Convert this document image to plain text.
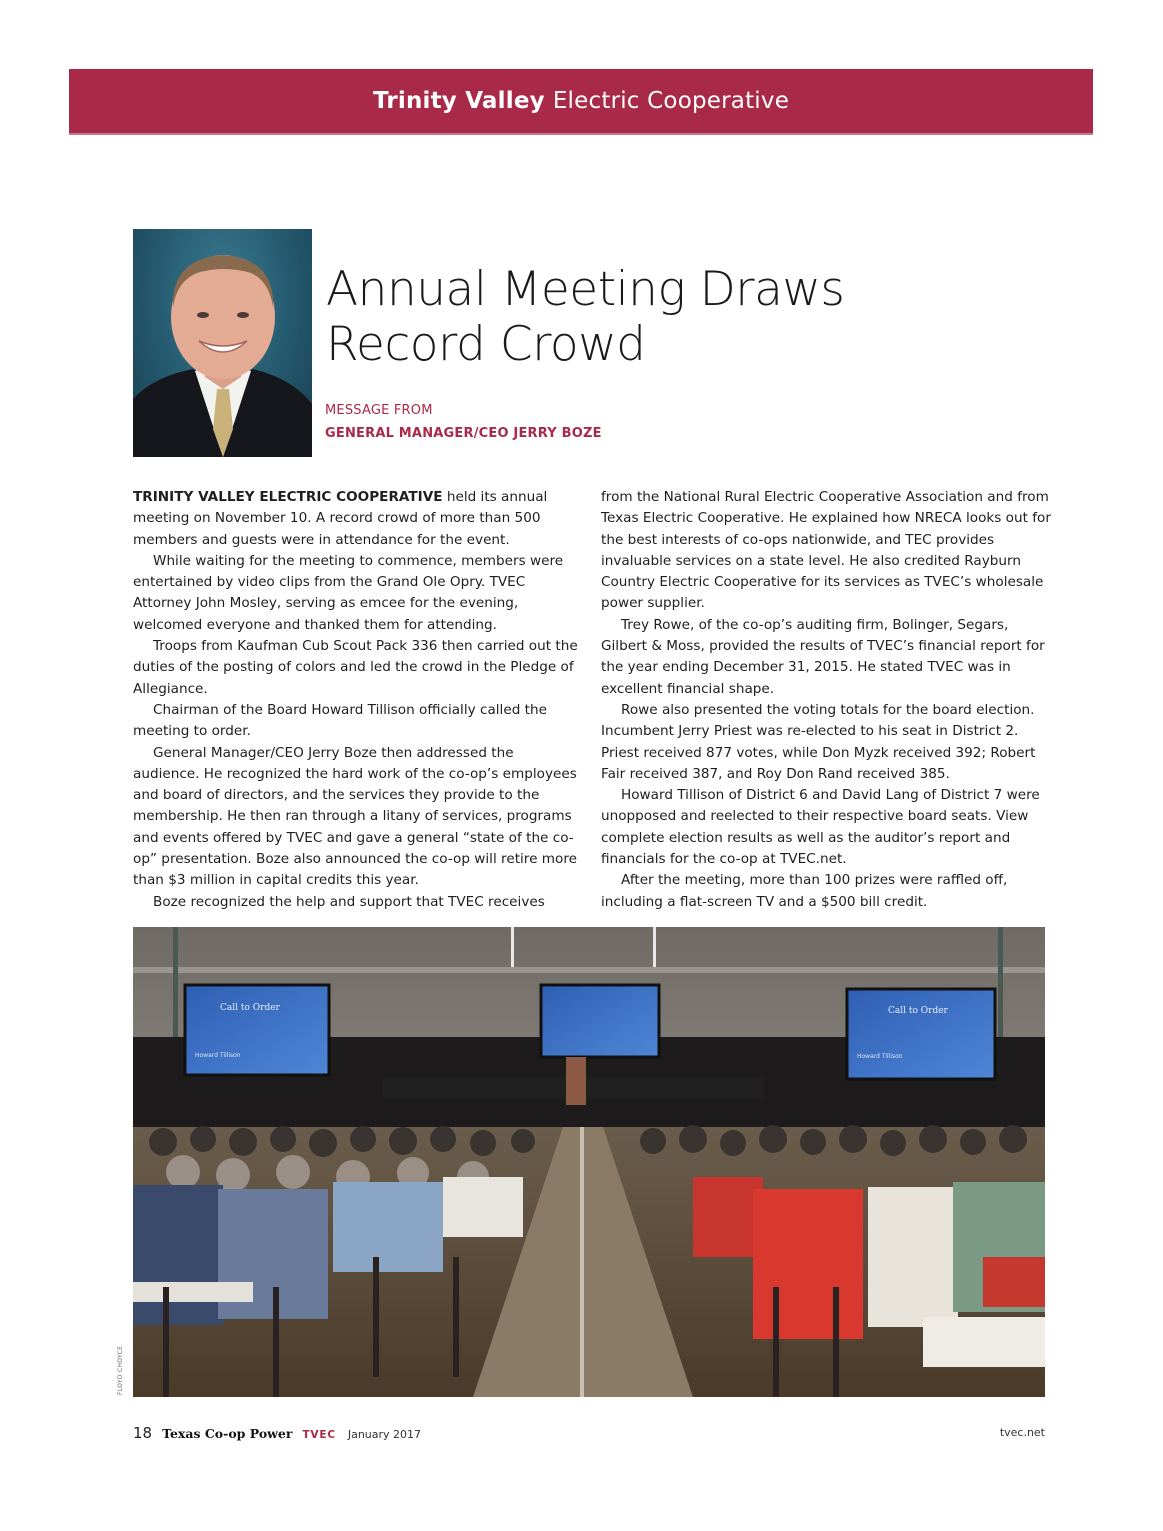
Trinity Valley Electric Cooperative
Annual Meeting Draws
Record Crowd
MESSAGE FROM
GENERAL MANAGER/CEO JERRY BOZE

TRINITY VALLEY ELECTRIC COOPERATIVE held its annual meeting on November 10. A record crowd of more than 500 members and guests were in attendance for the event.

While waiting for the meeting to commence, members were entertained by video clips from the Grand Ole Opry. TVEC Attorney John Mosley, serving as emcee for the evening, welcomed everyone and thanked them for attending.

Troops from Kaufman Cub Scout Pack 336 then carried out the duties of the posting of colors and led the crowd in the Pledge of Allegiance.

Chairman of the Board Howard Tillison officially called the meeting to order.

General Manager/CEO Jerry Boze then addressed the audience. He recognized the hard work of the co-op’s employees and board of directors, and the services they provide to the membership. He then ran through a litany of services, programs and events offered by TVEC and gave a general “state of the co-op” presentation. Boze also announced the co-op will retire more than $3 million in capital credits this year.

Boze recognized the help and support that TVEC receives

from the National Rural Electric Cooperative Association and from Texas Electric Cooperative. He explained how NRECA looks out for the best interests of co-ops nationwide, and TEC provides invaluable services on a state level. He also credited Rayburn Country Electric Cooperative for its services as TVEC’s wholesale power supplier.

Trey Rowe, of the co-op’s auditing firm, Bolinger, Segars, Gilbert & Moss, provided the results of TVEC’s financial report for the year ending December 31, 2015. He stated TVEC was in excellent financial shape.

Rowe also presented the voting totals for the board election. Incumbent Jerry Priest was re-elected to his seat in District 2. Priest received 877 votes, while Don Myzk received 392; Robert Fair received 387, and Roy Don Rand received 385.

Howard Tillison of District 6 and David Lang of District 7 were unopposed and reelected to their respective board seats. View complete election results as well as the auditor’s report and financials for the co-op at TVEC.net.

After the meeting, more than 100 prizes were raffled off, including a flat-screen TV and a $500 bill credit.

Call to Order
Howard Tillison
Call to Order
Howard Tillison
FLOYD CHOYCE
18 Texas Co-op Power TVEC January 2017	tvec.net
